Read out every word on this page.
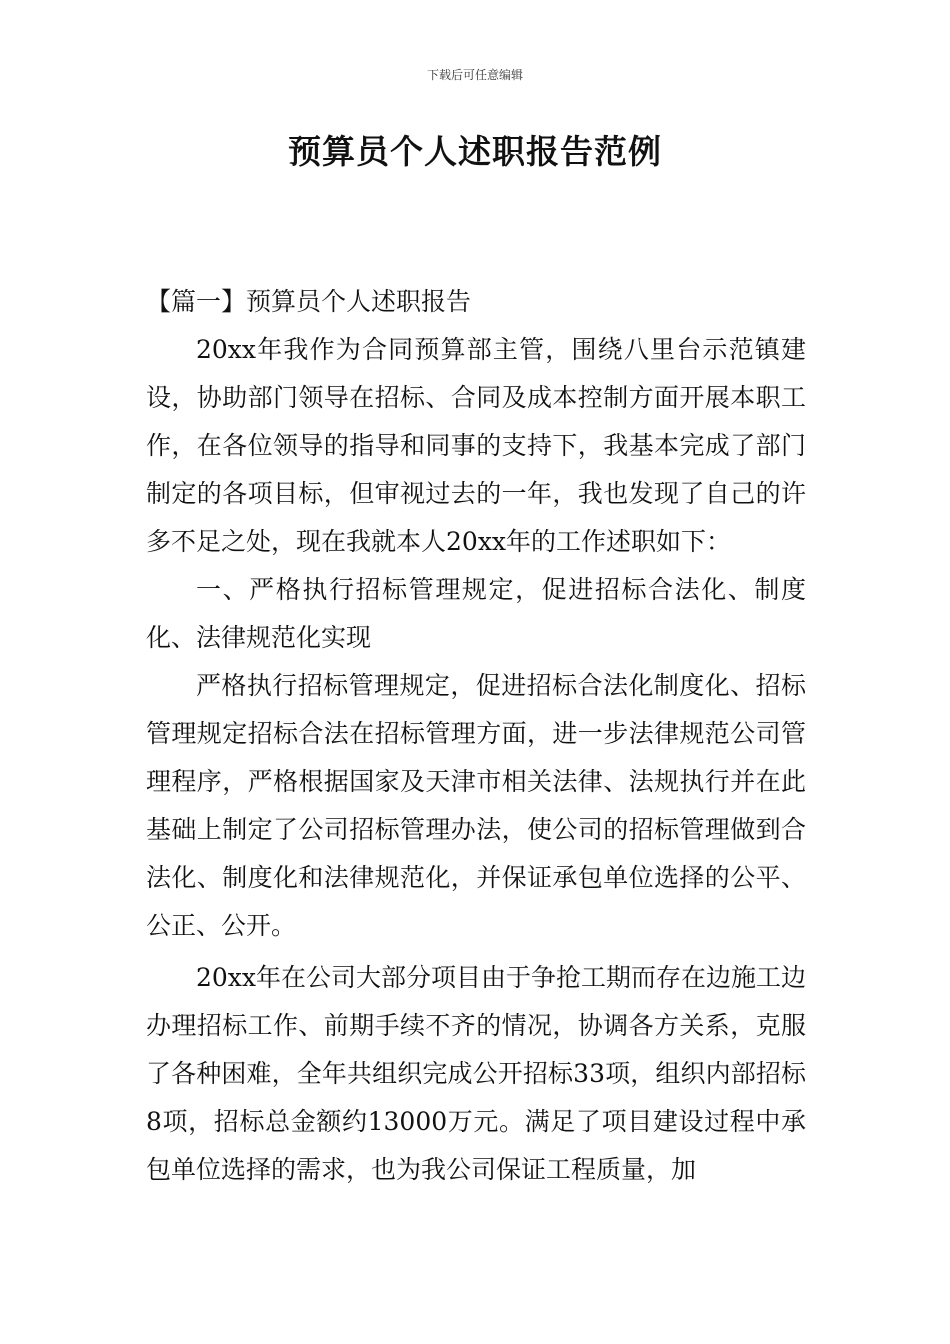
下载后可任意编辑
预算员个人述职报告范例

【篇一】预算员个人述职报告

20xx年我作为合同预算部主管，围绕八里台示范镇建设，协助部门领导在招标、合同及成本控制方面开展本职工作，在各位领导的指导和同事的支持下，我基本完成了部门制定的各项目标，但审视过去的一年，我也发现了自己的许多不足之处，现在我就本人20xx年的工作述职如下：

一、严格执行招标管理规定，促进招标合法化、制度化、法律规范化实现

严格执行招标管理规定，促进招标合法化制度化、招标管理规定招标合法在招标管理方面，进一步法律规范公司管理程序，严格根据国家及天津市相关法律、法规执行并在此基础上制定了公司招标管理办法，使公司的招标管理做到合法化、制度化和法律规范化，并保证承包单位选择的公平、公正、公开。

20xx年在公司大部分项目由于争抢工期而存在边施工边办理招标工作、前期手续不齐的情况，协调各方关系，克服了各种困难，全年共组织完成公开招标33项，组织内部招标8项，招标总金额约13000万元。满足了项目建设过程中承包单位选择的需求，也为我公司保证工程质量，加
